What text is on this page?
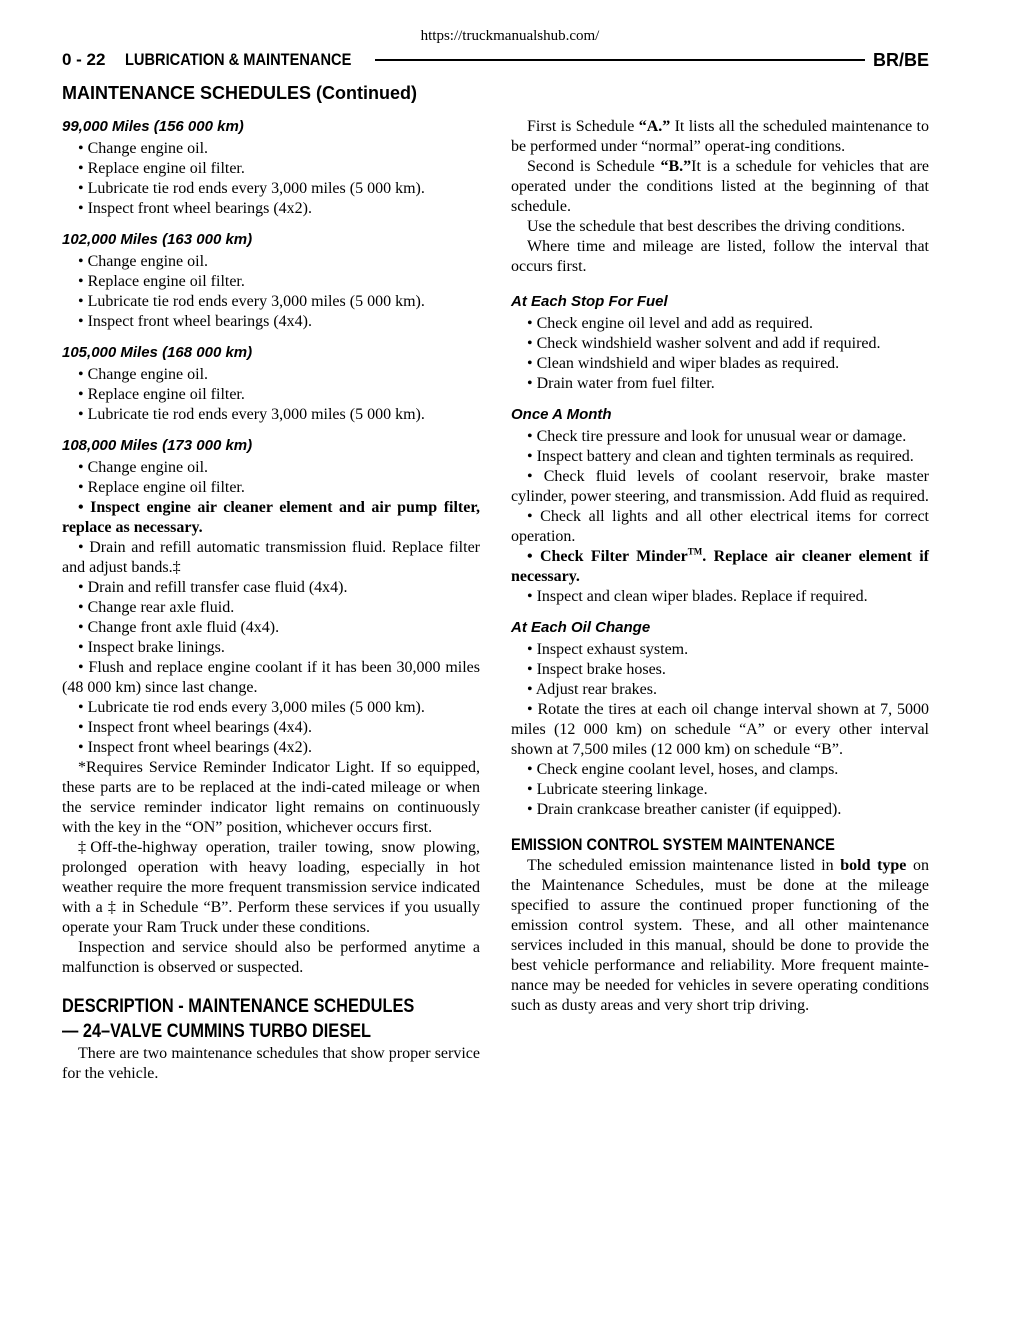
https://truckmanualshub.com/
0 - 22 LUBRICATION & MAINTENANCE	BR/BE
MAINTENANCE SCHEDULES (Continued)
99,000 Miles (156 000 km)

• Change engine oil.

• Replace engine oil filter.

• Lubricate tie rod ends every 3,000 miles (5 000 km).

• Inspect front wheel bearings (4x2).

102,000 Miles (163 000 km)

• Change engine oil.

• Replace engine oil filter.

• Lubricate tie rod ends every 3,000 miles (5 000 km).

• Inspect front wheel bearings (4x4).

105,000 Miles (168 000 km)

• Change engine oil.

• Replace engine oil filter.

• Lubricate tie rod ends every 3,000 miles (5 000 km).

108,000 Miles (173 000 km)

• Change engine oil.

• Replace engine oil filter.

• Inspect engine air cleaner element and air pump filter, replace as necessary.

• Drain and refill automatic transmission fluid. Replace filter and adjust bands.‡

• Drain and refill transfer case fluid (4x4).

• Change rear axle fluid.

• Change front axle fluid (4x4).

• Inspect brake linings.

• Flush and replace engine coolant if it has been 30,000 miles (48 000 km) since last change.

• Lubricate tie rod ends every 3,000 miles (5 000 km).

• Inspect front wheel bearings (4x4).

• Inspect front wheel bearings (4x2).

*Requires Service Reminder Indicator Light. If so equipped, these parts are to be replaced at the indi-cated mileage or when the service reminder indicator light remains on continuously with the key in the “ON” position, whichever occurs first.

‡Off-the-highway operation, trailer towing, snow plowing, prolonged operation with heavy loading, especially in hot weather require the more frequent transmission service indicated with a ‡ in Schedule “B”. Perform these services if you usually operate your Ram Truck under these conditions.

Inspection and service should also be performed anytime a malfunction is observed or suspected.

DESCRIPTION - MAINTENANCE SCHEDULES
— 24–VALVE CUMMINS TURBO DIESEL

There are two maintenance schedules that show proper service for the vehicle.

First is Schedule “A.” It lists all the scheduled maintenance to be performed under “normal” operat-ing conditions.

Second is Schedule “B.”It is a schedule for vehicles that are operated under the conditions listed at the beginning of that schedule.

Use the schedule that best describes the driving conditions.

Where time and mileage are listed, follow the interval that occurs first.

At Each Stop For Fuel

• Check engine oil level and add as required.

• Check windshield washer solvent and add if required.

• Clean windshield and wiper blades as required.

• Drain water from fuel filter.

Once A Month

• Check tire pressure and look for unusual wear or damage.

• Inspect battery and clean and tighten terminals as required.

• Check fluid levels of coolant reservoir, brake master cylinder, power steering, and transmission. Add fluid as required.

• Check all lights and all other electrical items for correct operation.

• Check Filter Minder™. Replace air cleaner element if necessary.

• Inspect and clean wiper blades. Replace if required.

At Each Oil Change

• Inspect exhaust system.

• Inspect brake hoses.

• Adjust rear brakes.

• Rotate the tires at each oil change interval shown at 7, 5000 miles (12 000 km) on schedule “A” or every other interval shown at 7,500 miles (12 000 km) on schedule “B”.

• Check engine coolant level, hoses, and clamps.

• Lubricate steering linkage.

• Drain crankcase breather canister (if equipped).

EMISSION CONTROL SYSTEM MAINTENANCE

The scheduled emission maintenance listed in bold type on the Maintenance Schedules, must be done at the mileage specified to assure the continued proper functioning of the emission control system. These, and all other maintenance services included in this manual, should be done to provide the best vehicle performance and reliability. More frequent mainte-nance may be needed for vehicles in severe operating conditions such as dusty areas and very short trip driving.
